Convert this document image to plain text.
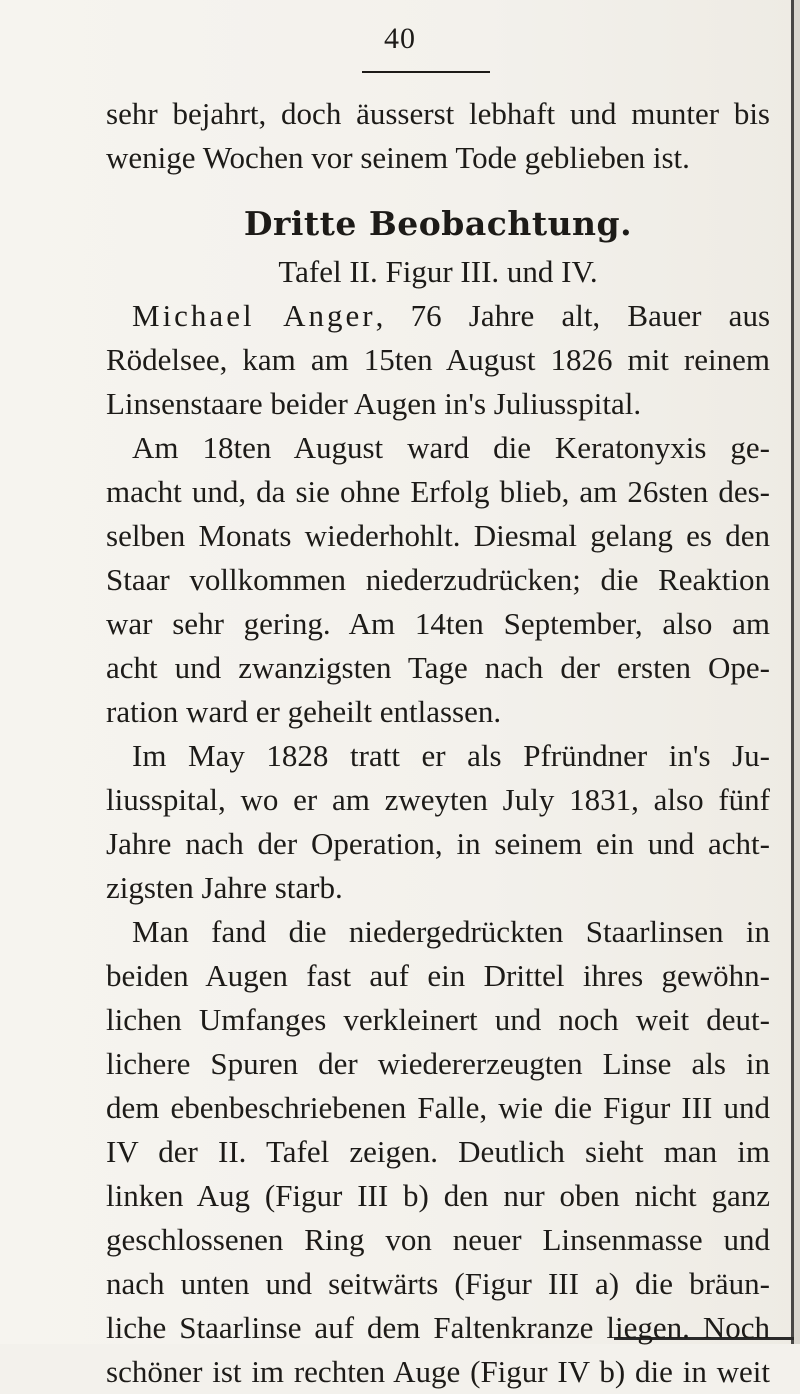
40
sehr bejahrt, doch äusserst lebhaft und munter bis
wenige Wochen vor seinem Tode geblieben ist.
Dritte Beobachtung.
Tafel II. Figur III. und IV.
Michael Anger, 76 Jahre alt, Bauer aus
Rödelsee, kam am 15ten August 1826 mit reinem
Linsenstaare beider Augen in's Juliusspital.
Am 18ten August ward die Keratonyxis ge-
macht und, da sie ohne Erfolg blieb, am 26sten des-
selben Monats wiederhohlt. Diesmal gelang es den
Staar vollkommen niederzudrücken; die Reaktion
war sehr gering. Am 14ten September, also am
acht und zwanzigsten Tage nach der ersten Ope-
ration ward er geheilt entlassen.
Im May 1828 tratt er als Pfründner in's Ju-
liusspital, wo er am zweyten July 1831, also fünf
Jahre nach der Operation, in seinem ein und acht-
zigsten Jahre starb.
Man fand die niedergedrückten Staarlinsen in
beiden Augen fast auf ein Drittel ihres gewöhn-
lichen Umfanges verkleinert und noch weit deut-
lichere Spuren der wiedererzeugten Linse als in
dem ebenbeschriebenen Falle, wie die Figur III und
IV der II. Tafel zeigen. Deutlich sieht man im
linken Aug (Figur III b) den nur oben nicht ganz
geschlossenen Ring von neuer Linsenmasse und
nach unten und seitwärts (Figur III a) die bräun-
liche Staarlinse auf dem Faltenkranze liegen. Noch
schöner ist im rechten Auge (Figur IV b) die in weit
